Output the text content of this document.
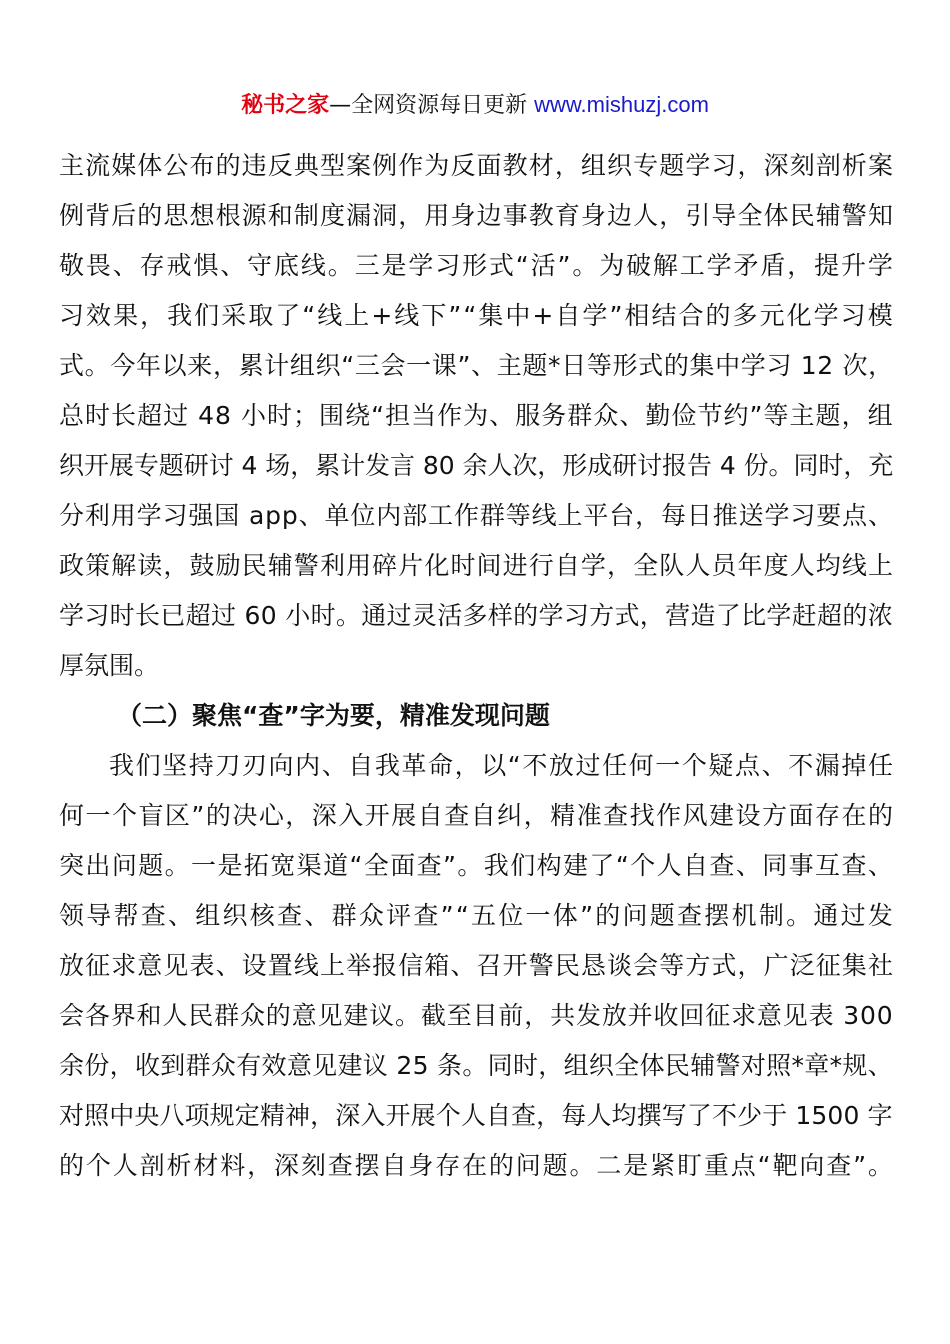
秘书之家—全网资源每日更新 www.mishuzj.com
主流媒体公布的违反典型案例作为反面教材，组织专题学习，深刻剖析案
例背后的思想根源和制度漏洞，用身边事教育身边人，引导全体民辅警知
敬畏、存戒惧、守底线。三是学习形式“活”。为破解工学矛盾，提升学
习效果，我们采取了“线上+线下”“集中+自学”相结合的多元化学习模
式。今年以来，累计组织“三会一课”、主题*日等形式的集中学习 12 次，
总时长超过 48 小时；围绕“担当作为、服务群众、勤俭节约”等主题，组
织开展专题研讨 4 场，累计发言 80 余人次，形成研讨报告 4 份。同时，充
分利用学习强国 app、单位内部工作群等线上平台，每日推送学习要点、
政策解读，鼓励民辅警利用碎片化时间进行自学，全队人员年度人均线上
学习时长已超过 60 小时。通过灵活多样的学习方式，营造了比学赶超的浓
厚氛围。
（二）聚焦“查”字为要，精准发现问题
我们坚持刀刃向内、自我革命，以“不放过任何一个疑点、不漏掉任
何一个盲区”的决心，深入开展自查自纠，精准查找作风建设方面存在的
突出问题。一是拓宽渠道“全面查”。我们构建了“个人自查、同事互查、
领导帮查、组织核查、群众评查”“五位一体”的问题查摆机制。通过发
放征求意见表、设置线上举报信箱、召开警民恳谈会等方式，广泛征集社
会各界和人民群众的意见建议。截至目前，共发放并收回征求意见表 300
余份，收到群众有效意见建议 25 条。同时，组织全体民辅警对照*章*规、
对照中央八项规定精神，深入开展个人自查，每人均撰写了不少于 1500 字
的个人剖析材料，深刻查摆自身存在的问题。二是紧盯重点“靶向查”。
